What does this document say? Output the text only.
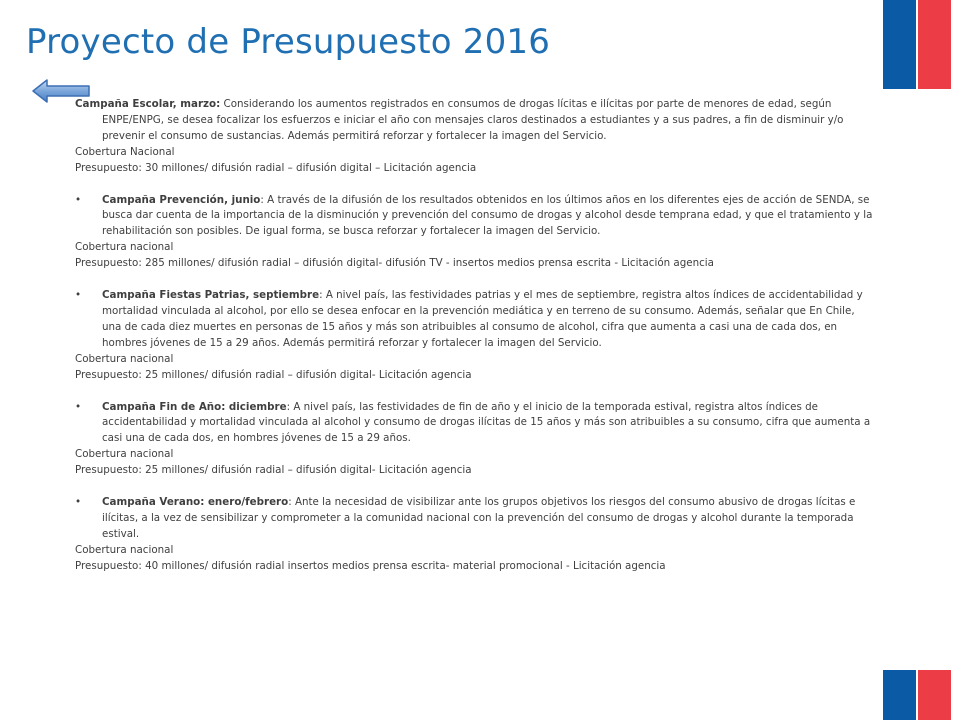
Proyecto de Presupuesto 2016

Campaña Escolar, marzo: Considerando los aumentos registrados en consumos de drogas lícitas e ilícitas por parte de menores de edad, según
ENPE/ENPG, se desea focalizar los esfuerzos e iniciar el año con mensajes claros destinados a estudiantes y a sus padres, a fin de disminuir y/o prevenir el consumo de sustancias. Además permitirá reforzar y fortalecer la imagen del Servicio.

Cobertura Nacional

Presupuesto: 30 millones/ difusión radial – difusión digital – Licitación agencia

• Campaña Prevención, junio: A través de la difusión de los resultados obtenidos en los últimos años en los diferentes ejes de acción de SENDA, se busca dar cuenta de la importancia de la disminución y prevención del consumo de drogas y alcohol desde temprana edad, y que el tratamiento y la rehabilitación son posibles. De igual forma, se busca reforzar y fortalecer la imagen del Servicio.

Cobertura nacional

Presupuesto: 285 millones/ difusión radial – difusión digital- difusión TV - insertos medios prensa escrita - Licitación agencia

• Campaña Fiestas Patrias, septiembre: A nivel país, las festividades patrias y el mes de septiembre, registra altos índices de accidentabilidad y mortalidad vinculada al alcohol, por ello se desea enfocar en la prevención mediática y en terreno de su consumo. Además, señalar que En Chile, una de cada diez muertes en personas de 15 años y más son atribuibles al consumo de alcohol, cifra que aumenta a casi una de cada dos, en hombres jóvenes de 15 a 29 años. Además permitirá reforzar y fortalecer la imagen del Servicio.

Cobertura nacional

Presupuesto: 25 millones/ difusión radial – difusión digital- Licitación agencia

• Campaña Fin de Año: diciembre: A nivel país, las festividades de fin de año y el inicio de la temporada estival, registra altos índices de accidentabilidad y mortalidad vinculada al alcohol y consumo de drogas ilícitas de 15 años y más son atribuibles a su consumo, cifra que aumenta a casi una de cada dos, en hombres jóvenes de 15 a 29 años.

Cobertura nacional

Presupuesto: 25 millones/ difusión radial – difusión digital- Licitación agencia

• Campaña Verano: enero/febrero: Ante la necesidad de visibilizar ante los grupos objetivos los riesgos del consumo abusivo de drogas lícitas e ilícitas, a la vez de sensibilizar y comprometer a la comunidad nacional con la prevención del consumo de drogas y alcohol durante la temporada estival.

Cobertura nacional

Presupuesto: 40 millones/ difusión radial insertos medios prensa escrita- material promocional - Licitación agencia
